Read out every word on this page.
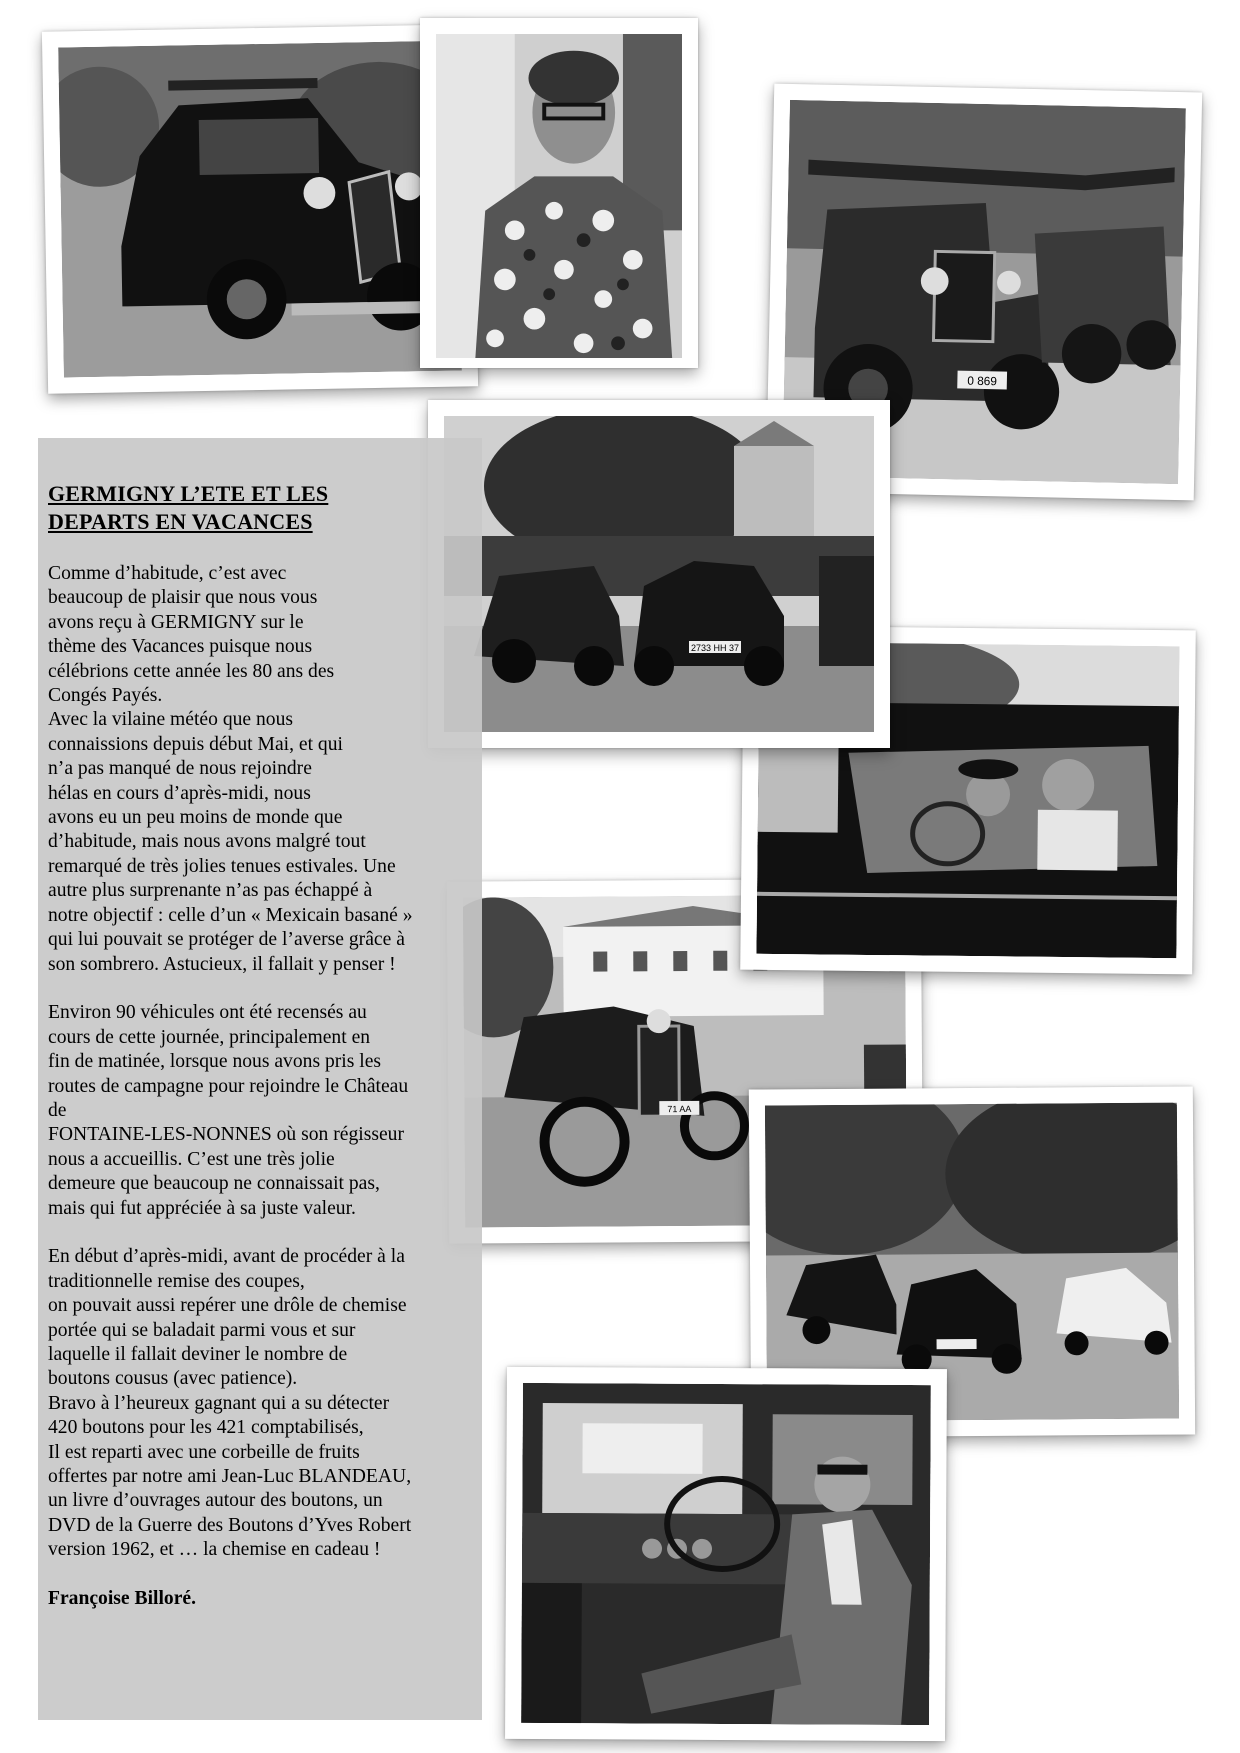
0 869
2733 HH 37
71 AA
GERMIGNY L’ETE ET LES
DEPARTS EN VACANCES

Comme d’habitude, c’est avec
beaucoup de plaisir que nous vous
avons reçu à GERMIGNY sur le
thème des Vacances puisque nous
célébrions cette année les 80 ans des
Congés Payés.
Avec la vilaine météo que nous
connaissions depuis début Mai, et qui
n’a pas manqué de nous rejoindre
hélas en cours d’après-midi, nous
avons eu un peu moins de monde que
d’habitude, mais nous avons malgré tout
remarqué de très jolies tenues estivales. Une
autre plus surprenante n’as pas échappé à
notre objectif : celle d’un « Mexicain basané »
qui lui pouvait se protéger de l’averse grâce à
son sombrero. Astucieux, il fallait y penser !

Environ 90 véhicules ont été recensés au
cours de cette journée, principalement en
fin de matinée, lorsque nous avons pris les
routes de campagne pour rejoindre le Château
de
FONTAINE-LES-NONNES où son régisseur
nous a accueillis. C’est une très jolie
demeure que beaucoup ne connaissait pas,
mais qui fut appréciée à sa juste valeur.

En début d’après-midi, avant de procéder à la
traditionnelle remise des coupes,
on pouvait aussi repérer une drôle de chemise
portée qui se baladait parmi vous et sur
laquelle il fallait deviner le nombre de
boutons cousus (avec patience).
Bravo à l’heureux gagnant qui a su détecter
420 boutons pour les 421 comptabilisés,
Il est reparti avec une corbeille de fruits
offertes par notre ami Jean-Luc BLANDEAU,
un livre d’ouvrages autour des boutons, un
DVD de la Guerre des Boutons d’Yves Robert
version 1962, et … la chemise en cadeau !

Françoise Billoré.
